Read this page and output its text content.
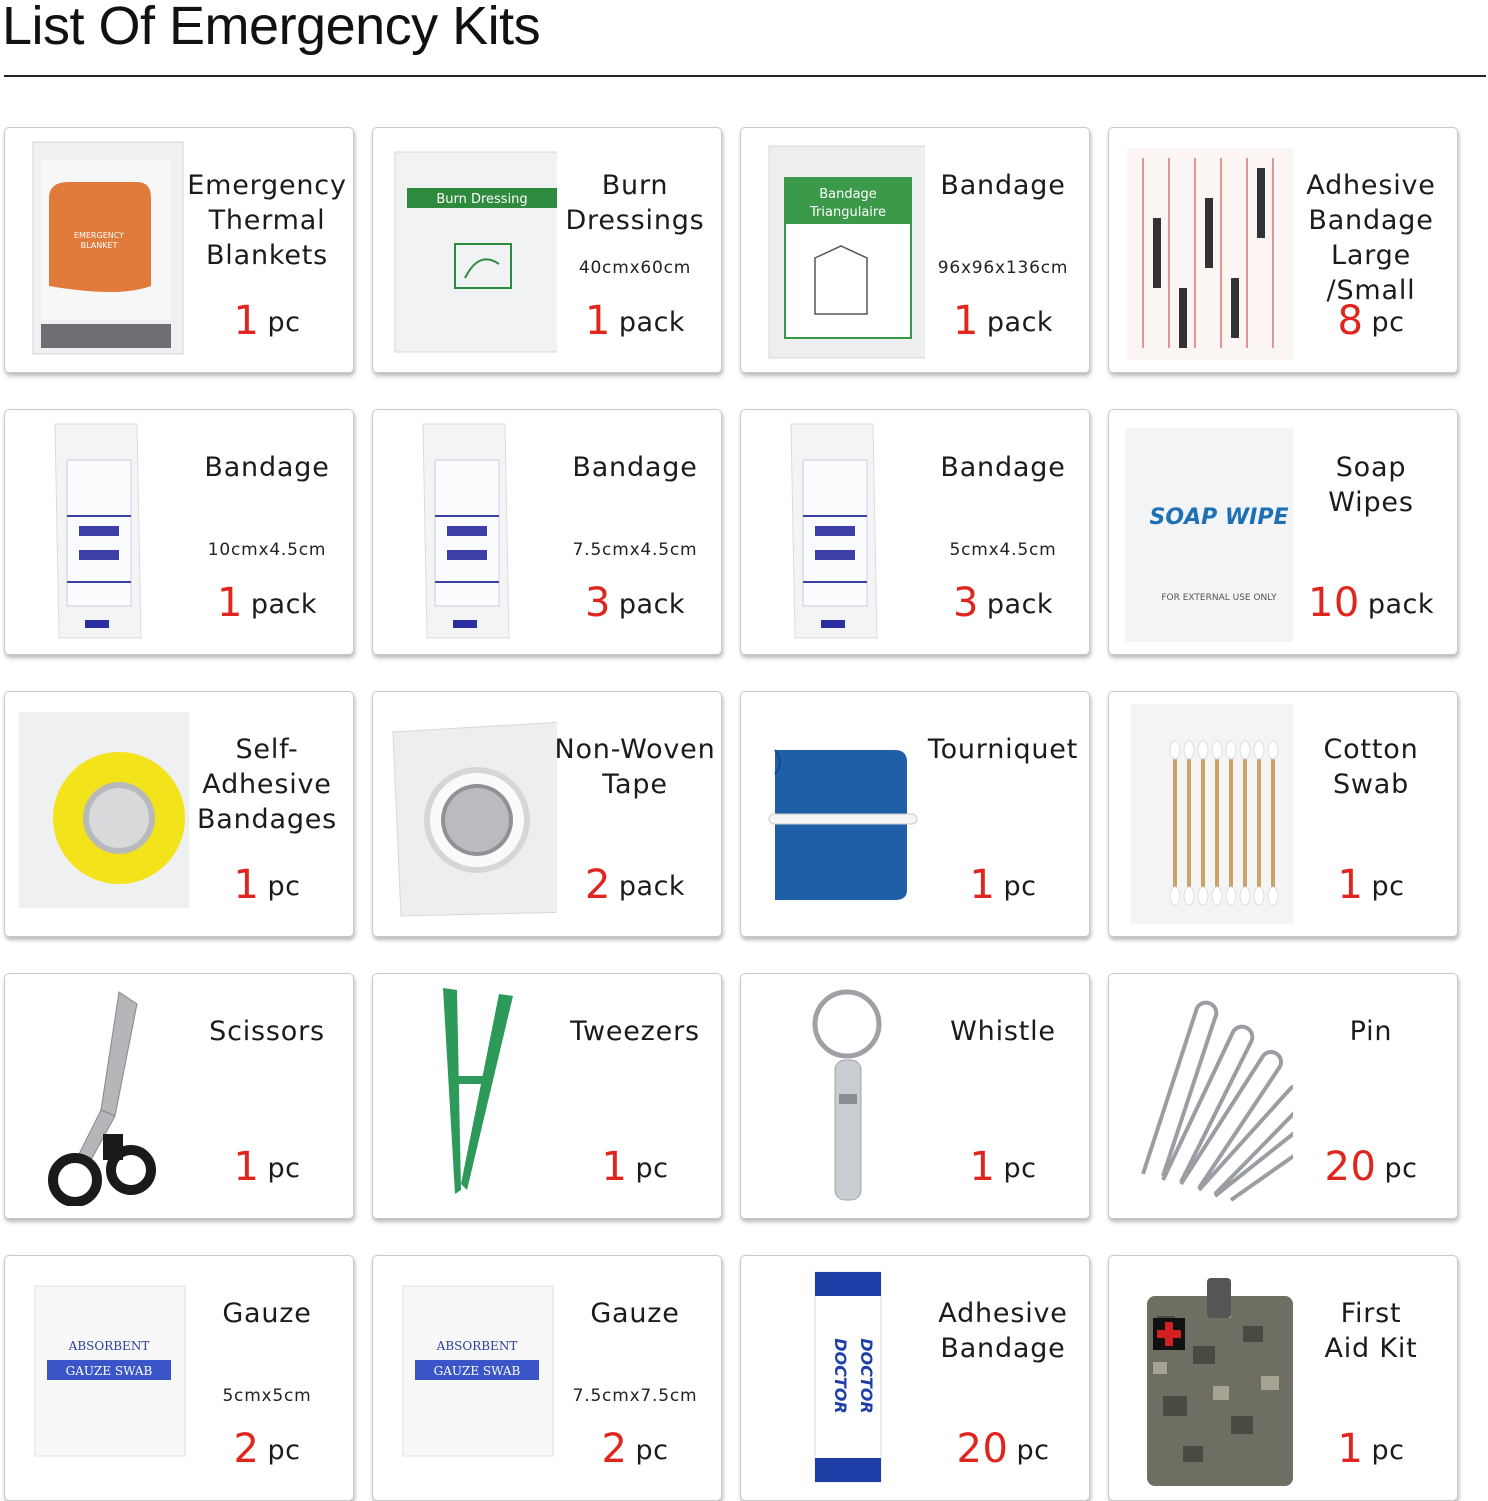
List Of Emergency Kits
EMERGENCY
BLANKET
Emergency
Thermal
Blankets
1 pc
Burn Dressing	Burn
Dressings
40cmx60cm
1 pack
Bandage
Triangulaire
Bandage
96x96x136cm
1 pack
Adhesive
Bandage
Large /Small
8 pc
Bandage
10cmx4.5cm
1 pack
Bandage
7.5cmx4.5cm
3 pack
Bandage
5cmx4.5cm
3 pack
SOAP WIPE
FOR EXTERNAL USE ONLY
Soap
Wipes
10 pack
Self-
Adhesive
Bandages
1 pc
Non-Woven
Tape
2 pack
Tourniquet
1 pc
Cotton
Swab
1 pc
Scissors
1 pc
Tweezers
1 pc
Whistle
1 pc
Pin
20 pc
ABSORBENT
GAUZE SWAB
Gauze
5cmx5cm
2 pc
ABSORBENT
GAUZE SWAB
Gauze
7.5cmx7.5cm
2 pc
DOCTOR DOCTOR
Adhesive
Bandage
20 pc
First
Aid Kit
1 pc
